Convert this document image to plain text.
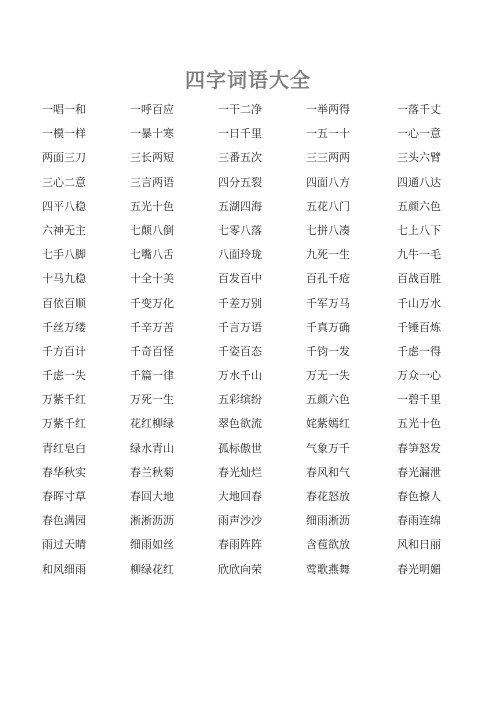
四字词语大全
一唱一和	一呼百应	一干二净	一举两得	一落千丈
一模一样	一暴十寒	一日千里	一五一十	一心一意
两面三刀	三长两短	三番五次	三三两两	三头六臂
三心二意	三言两语	四分五裂	四面八方	四通八达
四平八稳	五光十色	五湖四海	五花八门	五颜六色
六神无主	七颠八倒	七零八落	七拼八凑	七上八下
七手八脚	七嘴八舌	八面玲珑	九死一生	九牛一毛
十马九稳	十全十美	百发百中	百孔千疮	百战百胜
百依百顺	千变万化	千差万别	千军万马	千山万水
千丝万缕	千辛万苦	千言万语	千真万确	千锤百炼
千方百计	千奇百怪	千姿百态	千钧一发	千虑一得
千虑一失	千篇一律	万水千山	万无一失	万众一心
万紫千红	万死一生	五彩缤纷	五颜六色	一碧千里
万紫千红	花红柳绿	翠色欲流	姹紫嫣红	五光十色
青红皂白	绿水青山	孤标傲世	气象万千	春笋怒发
春华秋实	春兰秋菊	春光灿烂	春风和气	春光漏泄
春晖寸草	春回大地	大地回春	春花怒放	春色撩人
春色满园	淅淅沥沥	雨声沙沙	细雨淅沥	春雨连绵
雨过天晴	细雨如丝	春雨阵阵	含苞欲放	风和日丽
和风细雨	柳绿花红	欣欣向荣	莺歌燕舞	春光明媚
